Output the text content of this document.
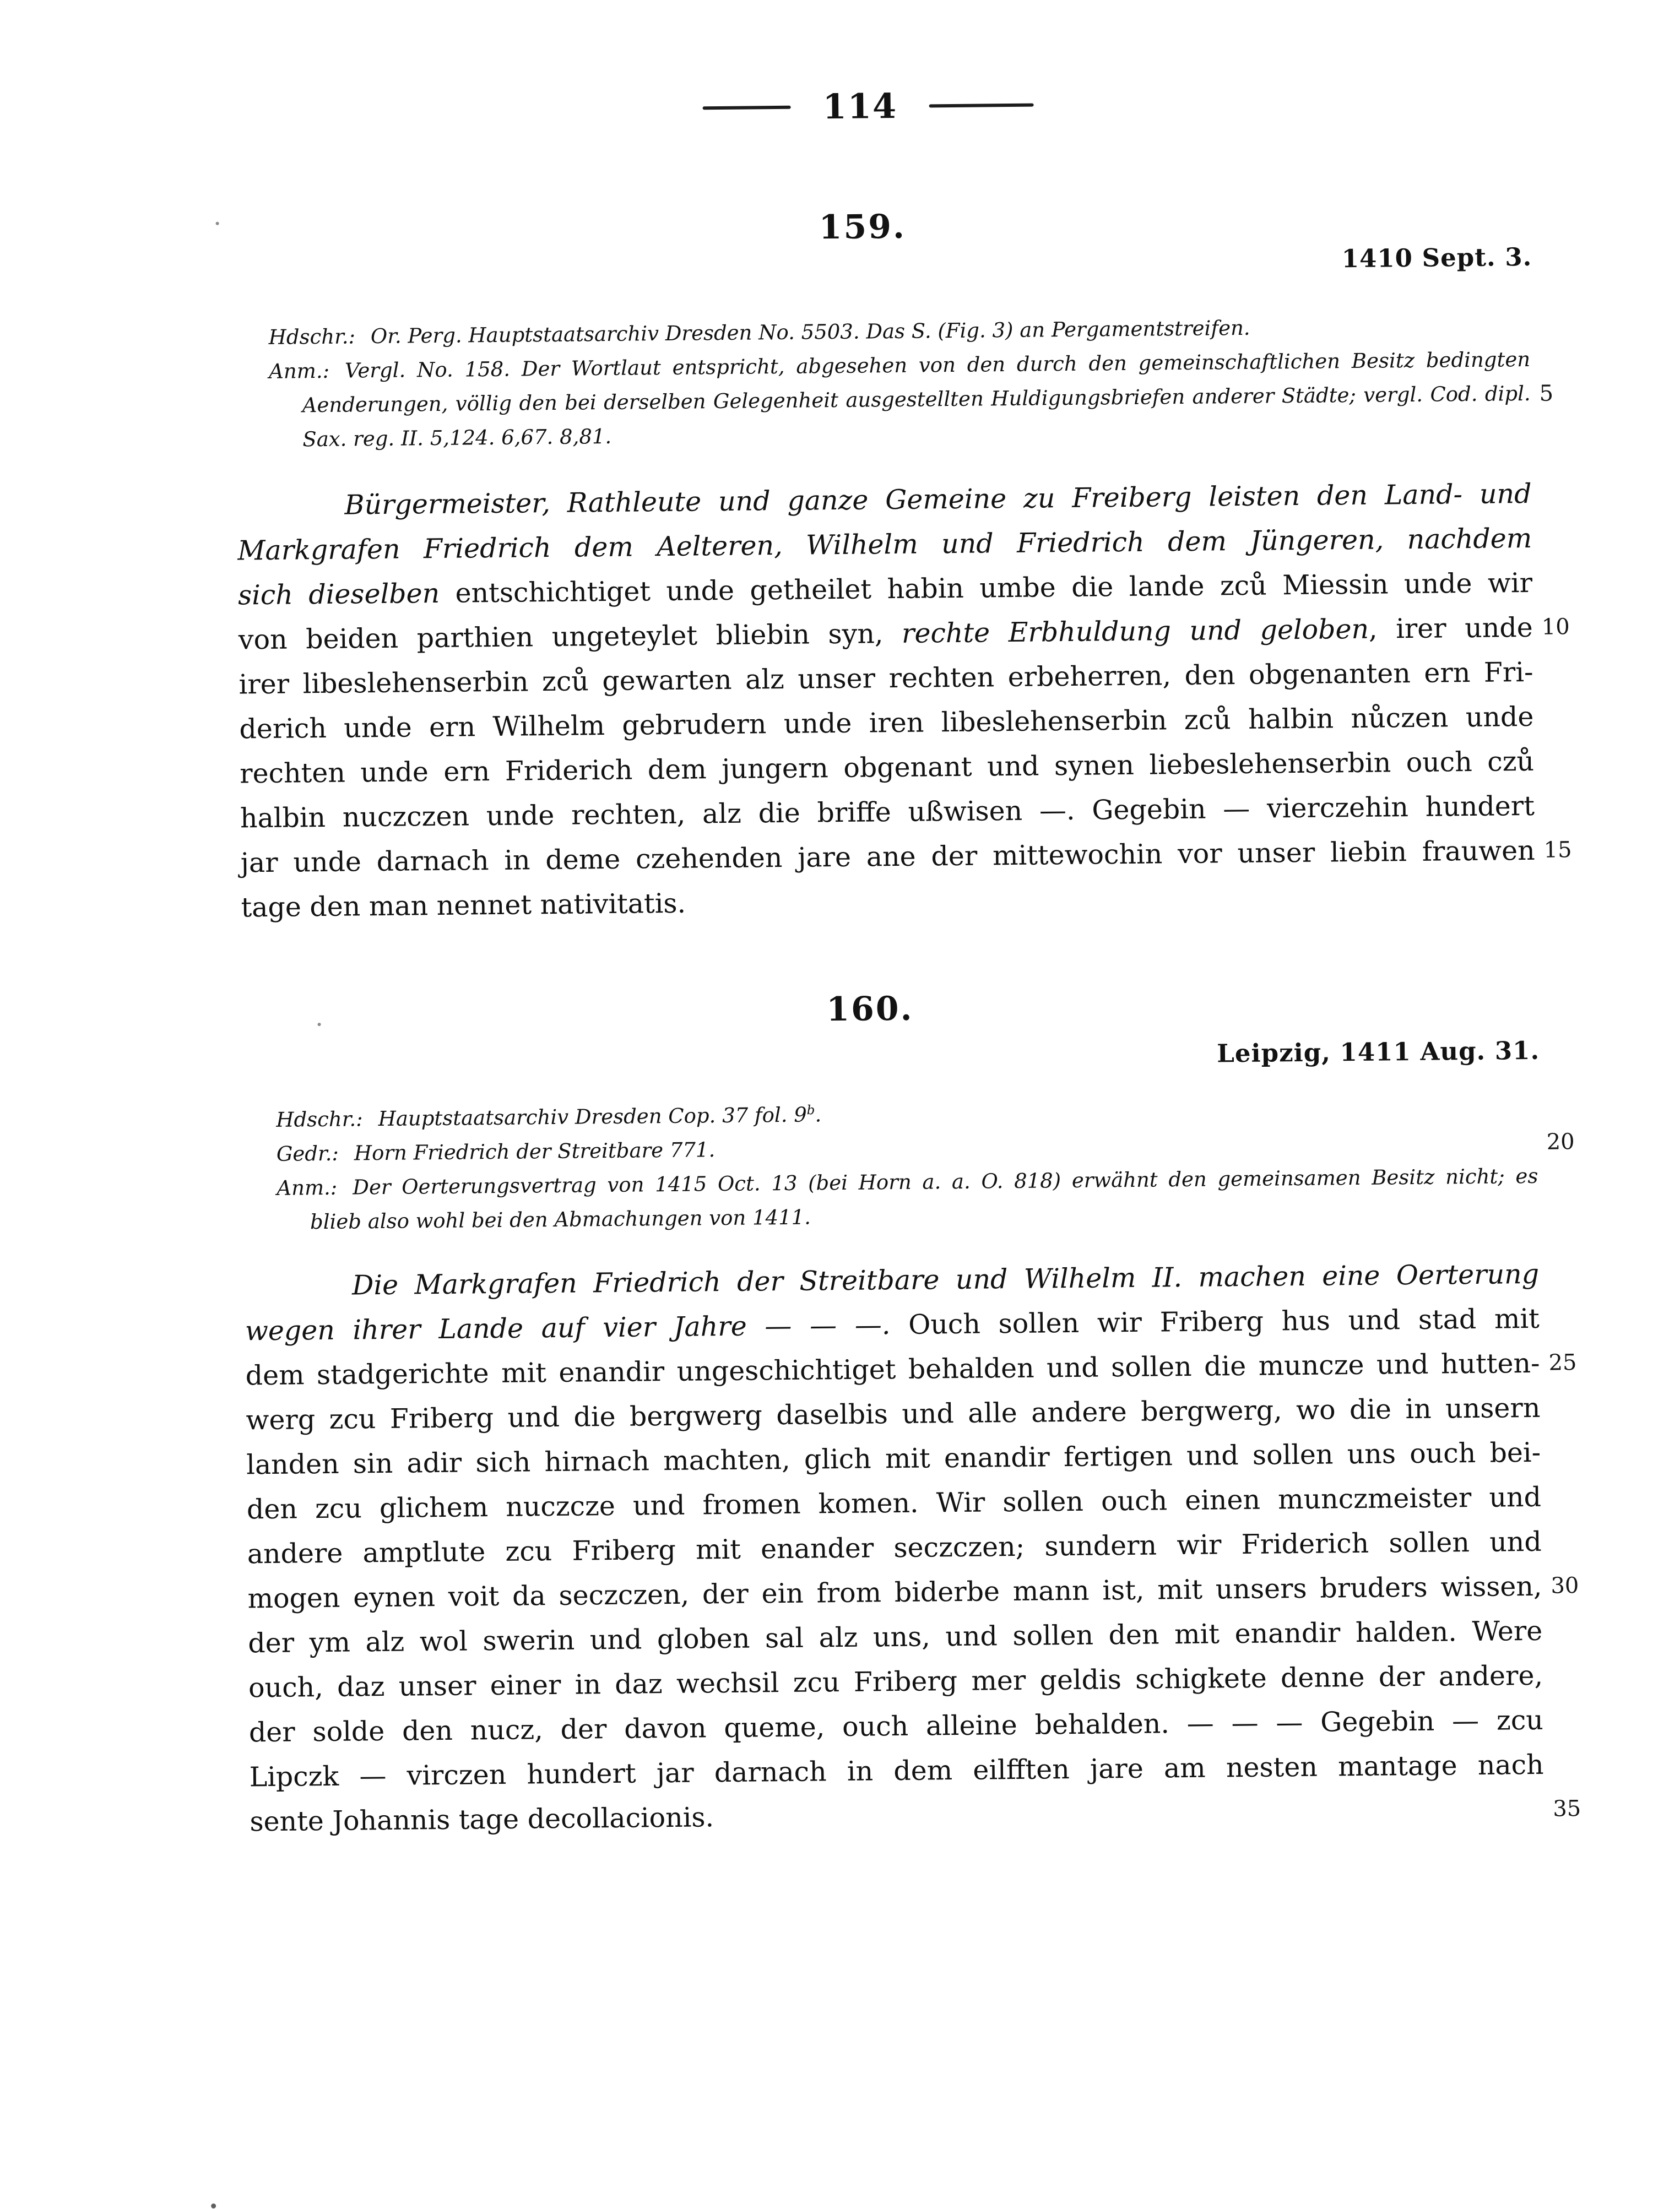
114
159.
1410 Sept. 3.
Hdschr.: Or. Perg. Hauptstaatsarchiv Dresden No. 5503. Das S. (Fig. 3) an Pergamentstreifen.
Anm.: Vergl. No. 158. Der Wortlaut entspricht, abgesehen von den durch den gemeinschaftlichen Besitz bedingten
Aenderungen, völlig den bei derselben Gelegenheit ausgestellten Huldigungsbriefen anderer Städte; vergl. Cod. dipl.
Sax. reg. II. 5,124. 6,67. 8,81.
Bürgermeister, Rathleute und ganze Gemeine zu Freiberg leisten den Land- und
Markgrafen Friedrich dem Aelteren, Wilhelm und Friedrich dem Jüngeren, nachdem
sich dieselben entschichtiget unde getheilet habin umbe die lande zců Miessin unde wir
von beiden parthien ungeteylet bliebin syn, rechte Erbhuldung und geloben, irer unde
irer libeslehenserbin zců gewarten alz unser rechten erbeherren, den obgenanten ern Fri-
derich unde ern Wilhelm gebrudern unde iren libeslehenserbin zců halbin nůczen unde
rechten unde ern Friderich dem jungern obgenant und synen liebeslehenserbin ouch czů
halbin nuczczen unde rechten, alz die briffe ußwisen —. Gegebin — vierczehin hundert
jar unde darnach in deme czehenden jare ane der mittewochin vor unser liebin frauwen
tage den man nennet nativitatis.
160.
Leipzig, 1411 Aug. 31.
Hdschr.: Hauptstaatsarchiv Dresden Cop. 37 fol. 9$^b$.
Gedr.: Horn Friedrich der Streitbare 771.
Anm.: Der Oerterungsvertrag von 1415 Oct. 13 (bei Horn a. a. O. 818) erwähnt den gemeinsamen Besitz nicht; es
blieb also wohl bei den Abmachungen von 1411.
Die Markgrafen Friedrich der Streitbare und Wilhelm II. machen eine Oerterung
wegen ihrer Lande auf vier Jahre — — —. Ouch sollen wir Friberg hus und stad mit
dem stadgerichte mit enandir ungeschichtiget behalden und sollen die muncze und hutten-
werg zcu Friberg und die bergwerg daselbis und alle andere bergwerg, wo die in unsern
landen sin adir sich hirnach machten, glich mit enandir fertigen und sollen uns ouch bei-
den zcu glichem nuczcze und fromen komen. Wir sollen ouch einen munczmeister und
andere amptlute zcu Friberg mit enander seczczen; sundern wir Friderich sollen und
mogen eynen voit da seczczen, der ein from biderbe mann ist, mit unsers bruders wissen,
der ym alz wol swerin und globen sal alz uns, und sollen den mit enandir halden. Were
ouch, daz unser einer in daz wechsil zcu Friberg mer geldis schigkete denne der andere,
der solde den nucz, der davon queme, ouch alleine behalden. — — — Gegebin — zcu
Lipczk — virczen hundert jar darnach in dem eilfften jare am nesten mantage nach
sente Johannis tage decollacionis.
5
10
15
20
25
30
35
